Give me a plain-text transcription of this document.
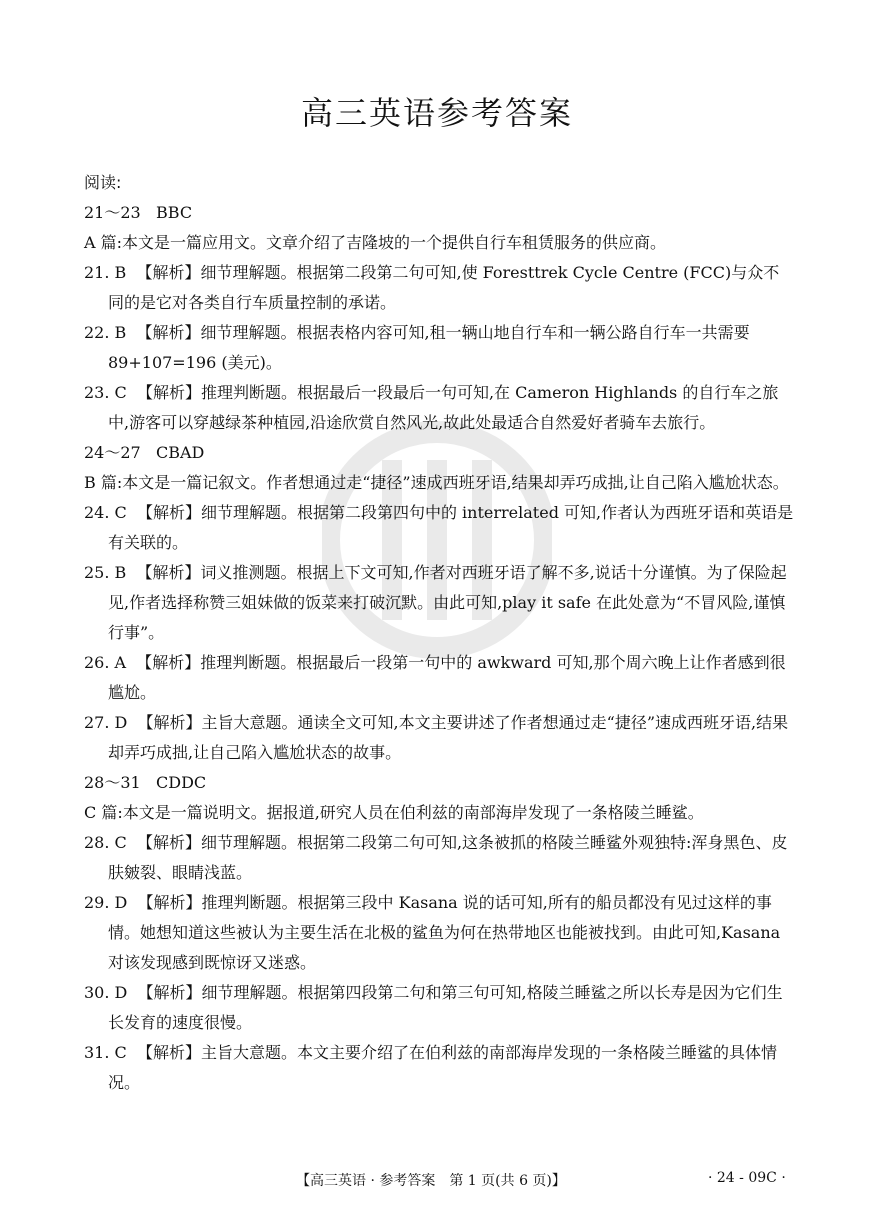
高三英语参考答案
阅读:
21～23 BBC
A 篇:本文是一篇应用文。文章介绍了吉隆坡的一个提供自行车租赁服务的供应商。
21. B 【解析】细节理解题。根据第二段第二句可知,使 Foresttrek Cycle Centre (FCC)与众不同的是它对各类自行车质量控制的承诺。
22. B 【解析】细节理解题。根据表格内容可知,租一辆山地自行车和一辆公路自行车一共需要 89+107=196 (美元)。
23. C 【解析】推理判断题。根据最后一段最后一句可知,在 Cameron Highlands 的自行车之旅中,游客可以穿越绿茶种植园,沿途欣赏自然风光,故此处最适合自然爱好者骑车去旅行。
24～27 CBAD
B 篇:本文是一篇记叙文。作者想通过走“捷径”速成西班牙语,结果却弄巧成拙,让自己陷入尴尬状态。
24. C 【解析】细节理解题。根据第二段第四句中的 interrelated 可知,作者认为西班牙语和英语是有关联的。
25. B 【解析】词义推测题。根据上下文可知,作者对西班牙语了解不多,说话十分谨慎。为了保险起见,作者选择称赞三姐妹做的饭菜来打破沉默。由此可知,play it safe 在此处意为“不冒风险,谨慎行事”。
26. A 【解析】推理判断题。根据最后一段第一句中的 awkward 可知,那个周六晚上让作者感到很尴尬。
27. D 【解析】主旨大意题。通读全文可知,本文主要讲述了作者想通过走“捷径”速成西班牙语,结果却弄巧成拙,让自己陷入尴尬状态的故事。
28～31 CDDC
C 篇:本文是一篇说明文。据报道,研究人员在伯利兹的南部海岸发现了一条格陵兰睡鲨。
28. C 【解析】细节理解题。根据第二段第二句可知,这条被抓的格陵兰睡鲨外观独特:浑身黑色、皮肤皴裂、眼睛浅蓝。
29. D 【解析】推理判断题。根据第三段中 Kasana 说的话可知,所有的船员都没有见过这样的事情。她想知道这些被认为主要生活在北极的鲨鱼为何在热带地区也能被找到。由此可知,Kasana 对该发现感到既惊讶又迷惑。
30. D 【解析】细节理解题。根据第四段第二句和第三句可知,格陵兰睡鲨之所以长寿是因为它们生长发育的速度很慢。
31. C 【解析】主旨大意题。本文主要介绍了在伯利兹的南部海岸发现的一条格陵兰睡鲨的具体情况。
【高三英语 · 参考答案　第 1 页(共 6 页)】	· 24 - 09C ·
